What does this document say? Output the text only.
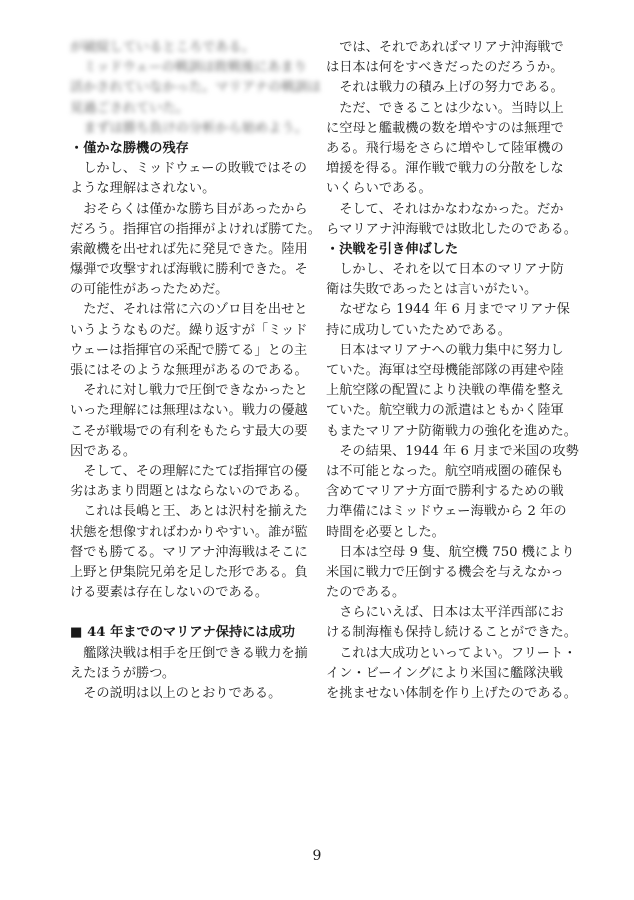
が破綻しているところである。
　ミッドウェーの戦訓は敗戦後にあまり
活かされていなかった。マリアナの戦訓は
見過ごされていた。
　まずは勝ち負けの分析から始めよう。
・僅かな勝機の残存
　しかし、ミッドウェーの敗戦ではその
ような理解はされない。
　おそらくは僅かな勝ち目があったから
だろう。指揮官の指揮がよければ勝てた。
索敵機を出せれば先に発見できた。陸用
爆弾で攻撃すれば海戦に勝利できた。そ
の可能性があったためだ。
　ただ、それは常に六のゾロ目を出せと
いうようなものだ。繰り返すが「ミッド
ウェーは指揮官の采配で勝てる」との主
張にはそのような無理があるのである。
　それに対し戦力で圧倒できなかったと
いった理解には無理はない。戦力の優越
こそが戦場での有利をもたらす最大の要
因である。
　そして、その理解にたてば指揮官の優
劣はあまり問題とはならないのである。
　これは長嶋と王、あとは沢村を揃えた
状態を想像すればわかりやすい。誰が監
督でも勝てる。マリアナ沖海戦はそこに
上野と伊集院兄弟を足した形である。負
ける要素は存在しないのである。
■ 44 年までのマリアナ保持には成功
　艦隊決戦は相手を圧倒できる戦力を揃
えたほうが勝つ。
　その説明は以上のとおりである。
　では、それであればマリアナ沖海戦で
は日本は何をすべきだったのだろうか。
　それは戦力の積み上げの努力である。
　ただ、できることは少ない。当時以上
に空母と艦載機の数を増やすのは無理で
ある。飛行場をさらに増やして陸軍機の
増援を得る。渾作戦で戦力の分散をしな
いくらいである。
　そして、それはかなわなかった。だか
らマリアナ沖海戦では敗北したのである。
・決戦を引き伸ばした
　しかし、それを以て日本のマリアナ防
衛は失敗であったとは言いがたい。
　なぜなら 1944 年 6 月までマリアナ保
持に成功していたためである。
　日本はマリアナへの戦力集中に努力し
ていた。海軍は空母機能部隊の再建や陸
上航空隊の配置により決戦の準備を整え
ていた。航空戦力の派遣はともかく陸軍
もまたマリアナ防衛戦力の強化を進めた。
　その結果、1944 年 6 月まで米国の攻勢
は不可能となった。航空哨戒圏の確保も
含めてマリアナ方面で勝利するための戦
力準備にはミッドウェー海戦から 2 年の
時間を必要とした。
　日本は空母 9 隻、航空機 750 機により
米国に戦力で圧倒する機会を与えなかっ
たのである。
　さらにいえば、日本は太平洋西部にお
ける制海権も保持し続けることができた。
　これは大成功といってよい。フリート・
イン・ビーイングにより米国に艦隊決戦
を挑ませない体制を作り上げたのである。
9
